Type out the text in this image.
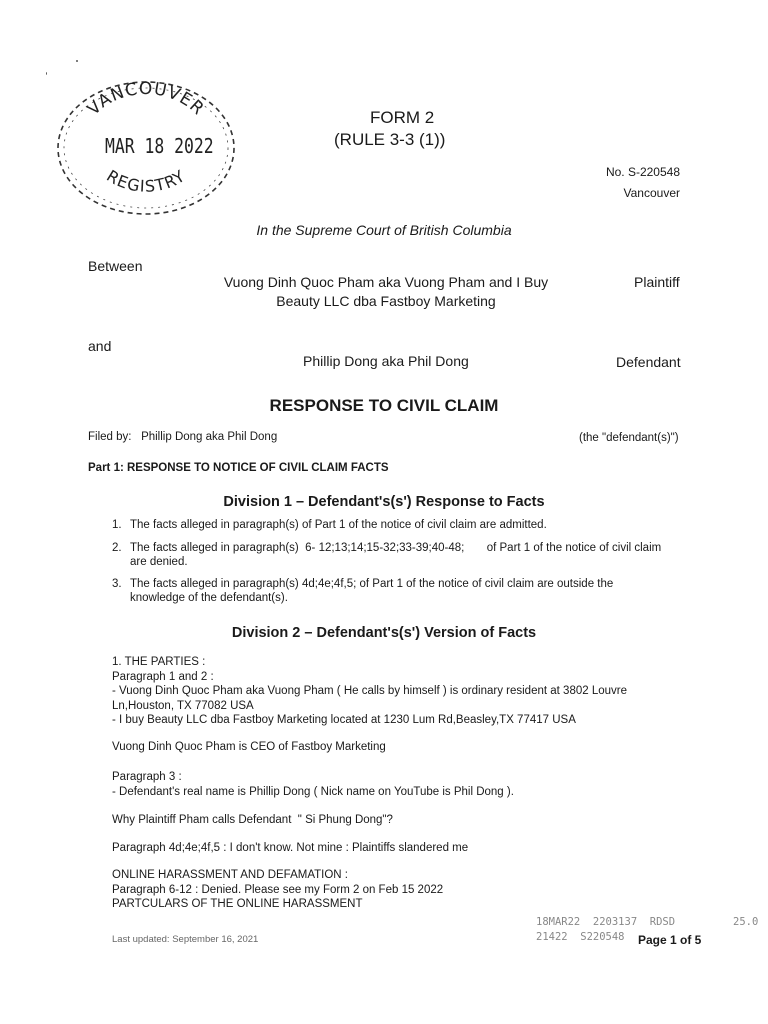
VANCOUVER
REGISTRY
MAR 18 2022
FORM 2
(RULE 3-3 (1))
No. S-220548
Vancouver
In the Supreme Court of British Columbia
Between
Vuong Dinh Quoc Pham aka Vuong Pham and I Buy
Beauty LLC dba Fastboy Marketing
Plaintiff
and
Phillip Dong aka Phil Dong	Defendant
RESPONSE TO CIVIL CLAIM
Filed by: Phillip Dong aka Phil Dong	(the "defendant(s)")
Part 1: RESPONSE TO NOTICE OF CIVIL CLAIM FACTS
Division 1 – Defendant's(s') Response to Facts
1. The facts alleged in paragraph(s) of Part 1 of the notice of civil claim are admitted.
2. The facts alleged in paragraph(s)  6- 12;13;14;15-32;33-39;40-48;       of Part 1 of the notice of civil claim
are denied.
3. The facts alleged in paragraph(s) 4d;4e;4f,5; of Part 1 of the notice of civil claim are outside the
knowledge of the defendant(s).
Division 2 – Defendant's(s') Version of Facts
1. THE PARTIES :
Paragraph 1 and 2 :
- Vuong Dinh Quoc Pham aka Vuong Pham ( He calls by himself ) is ordinary resident at 3802 Louvre
Ln,Houston, TX 77082 USA
- I buy Beauty LLC dba Fastboy Marketing located at 1230 Lum Rd,Beasley,TX 77417 USA
Vuong Dinh Quoc Pham is CEO of Fastboy Marketing
Paragraph 3 :
- Defendant's real name is Phillip Dong ( Nick name on YouTube is Phil Dong ).
Why Plaintiff Pham calls Defendant  " Si Phung Dong"?
Paragraph 4d;4e;4f,5 : I don't know. Not mine : Plaintiffs slandered me
ONLINE HARASSMENT AND DEFAMATION :
Paragraph 6-12 : Denied. Please see my Form 2 on Feb 15 2022
PARTCULARS OF THE ONLINE HARASSMENT
Last updated: September 16, 2021
18MAR22  2203137  RDSD
21422  S220548
25.0
Page 1 of 5
